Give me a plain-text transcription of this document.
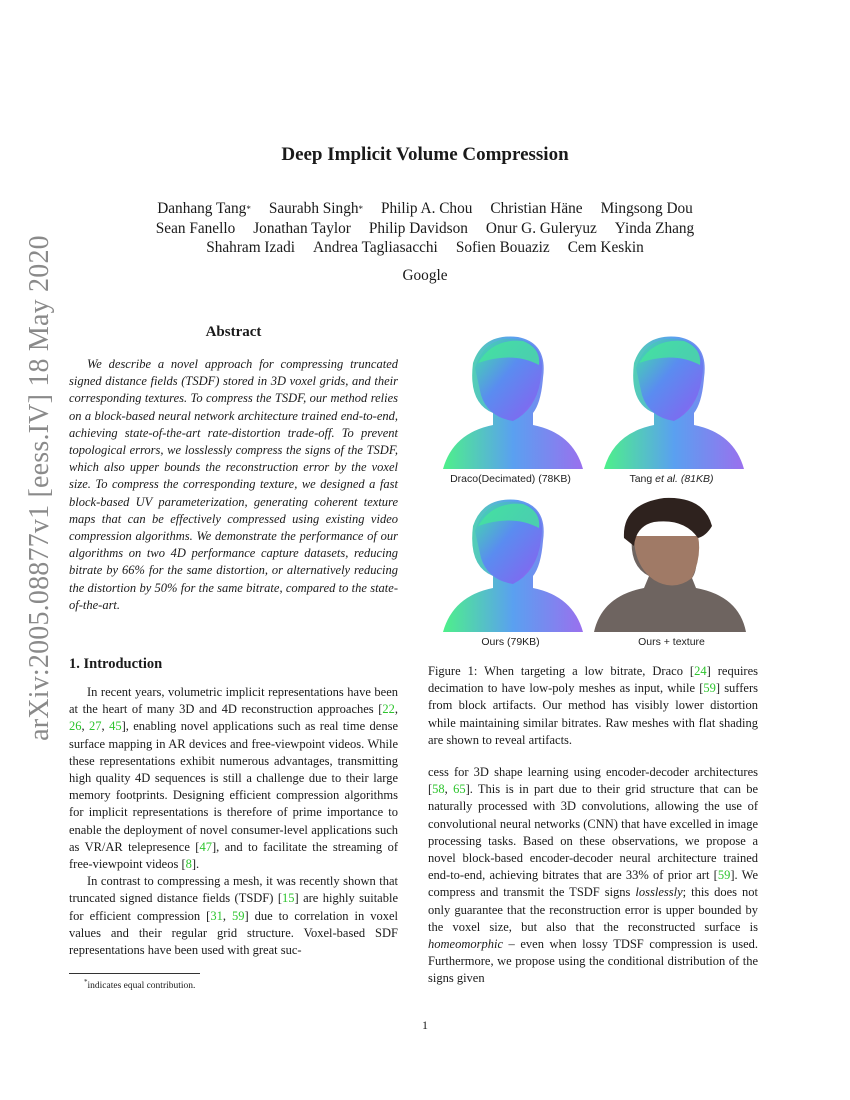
arXiv:2005.08877v1 [eess.IV] 18 May 2020
Deep Implicit Volume Compression
Danhang Tang* Saurabh Singh* Philip A. Chou Christian Häne Mingsong Dou
Sean Fanello Jonathan Taylor Philip Davidson Onur G. Guleryuz Yinda Zhang
Shahram Izadi Andrea Tagliasacchi Sofien Bouaziz Cem Keskin
Google
Abstract
We describe a novel approach for compressing truncated signed distance fields (TSDF) stored in 3D voxel grids, and their corresponding textures. To compress the TSDF, our method relies on a block-based neural network architecture trained end-to-end, achieving state-of-the-art rate-distortion trade-off. To prevent topological errors, we losslessly compress the signs of the TSDF, which also upper bounds the reconstruction error by the voxel size. To compress the corresponding texture, we designed a fast block-based UV parameterization, generating coherent texture maps that can be effectively compressed using existing video compression algorithms. We demonstrate the performance of our algorithms on two 4D performance capture datasets, reducing bitrate by 66% for the same distortion, or alternatively reducing the distortion by 50% for the same bitrate, compared to the state-of-the-art.
1. Introduction

In recent years, volumetric implicit representations have been at the heart of many 3D and 4D reconstruction approaches [22, 26, 27, 45], enabling novel applications such as real time dense surface mapping in AR devices and free-viewpoint videos. While these representations exhibit numerous advantages, transmitting high quality 4D sequences is still a challenge due to their large memory footprints. Designing efficient compression algorithms for implicit representations is therefore of prime importance to enable the deployment of novel consumer-level applications such as VR/AR telepresence [47], and to facilitate the streaming of free-viewpoint videos [8].

In contrast to compressing a mesh, it was recently shown that truncated signed distance fields (TSDF) [15] are highly suitable for efficient compression [31, 59] due to correlation in voxel values and their regular grid structure. Voxel-based SDF representations have been used with great suc-

*indicates equal contribution.
Draco(Decimated) (78KB)	Tang et al. (81KB)
Ours (79KB)	Ours + texture
Figure 1: When targeting a low bitrate, Draco [24] requires decimation to have low-poly meshes as input, while [59] suffers from block artifacts. Our method has visibly lower distortion while maintaining similar bitrates. Raw meshes with flat shading are shown to reveal artifacts.
cess for 3D shape learning using encoder-decoder architectures [58, 65]. This is in part due to their grid structure that can be naturally processed with 3D convolutions, allowing the use of convolutional neural networks (CNN) that have excelled in image processing tasks. Based on these observations, we propose a novel block-based encoder-decoder neural architecture trained end-to-end, achieving bitrates that are 33% of prior art [59]. We compress and transmit the TSDF signs losslessly; this does not only guarantee that the reconstruction error is upper bounded by the voxel size, but also that the reconstructed surface is homeomorphic – even when lossy TDSF compression is used. Furthermore, we propose using the conditional distribution of the signs given
1
